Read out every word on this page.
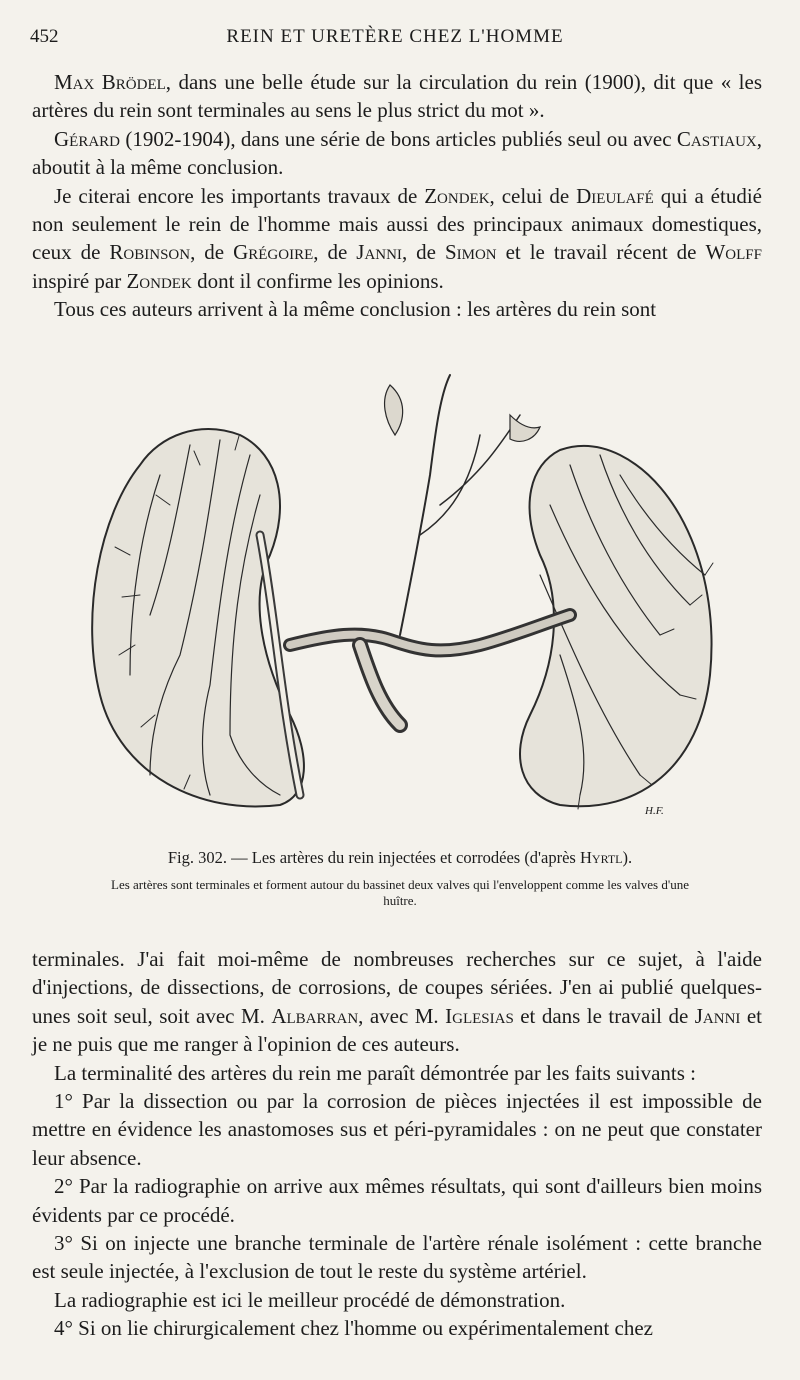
452	REIN ET URETÈRE CHEZ L'HOMME

Max Brödel, dans une belle étude sur la circulation du rein (1900), dit que « les artères du rein sont terminales au sens le plus strict du mot ».

Gérard (1902-1904), dans une série de bons articles publiés seul ou avec Castiaux, aboutit à la même conclusion.

Je citerai encore les importants travaux de Zondek, celui de Dieulafé qui a étudié non seulement le rein de l'homme mais aussi des principaux animaux domestiques, ceux de Robinson, de Grégoire, de Janni, de Simon et le travail récent de Wolff inspiré par Zondek dont il confirme les opinions.

Tous ces auteurs arrivent à la même conclusion : les artères du rein sont

H.F.
Fig. 302. — Les artères du rein injectées et corrodées (d'après Hyrtl).
Les artères sont terminales et forment autour du bassinet deux valves qui l'enveloppent comme les valves d'une huître.

terminales. J'ai fait moi-même de nombreuses recherches sur ce sujet, à l'aide d'injections, de dissections, de corrosions, de coupes sériées. J'en ai publié quelques-unes soit seul, soit avec M. Albarran, avec M. Iglesias et dans le travail de Janni et je ne puis que me ranger à l'opinion de ces auteurs.

La terminalité des artères du rein me paraît démontrée par les faits suivants :

1° Par la dissection ou par la corrosion de pièces injectées il est impossible de mettre en évidence les anastomoses sus et péri-pyramidales : on ne peut que constater leur absence.

2° Par la radiographie on arrive aux mêmes résultats, qui sont d'ailleurs bien moins évidents par ce procédé.

3° Si on injecte une branche terminale de l'artère rénale isolément : cette branche est seule injectée, à l'exclusion de tout le reste du système artériel.

La radiographie est ici le meilleur procédé de démonstration.

4° Si on lie chirurgicalement chez l'homme ou expérimentalement chez
